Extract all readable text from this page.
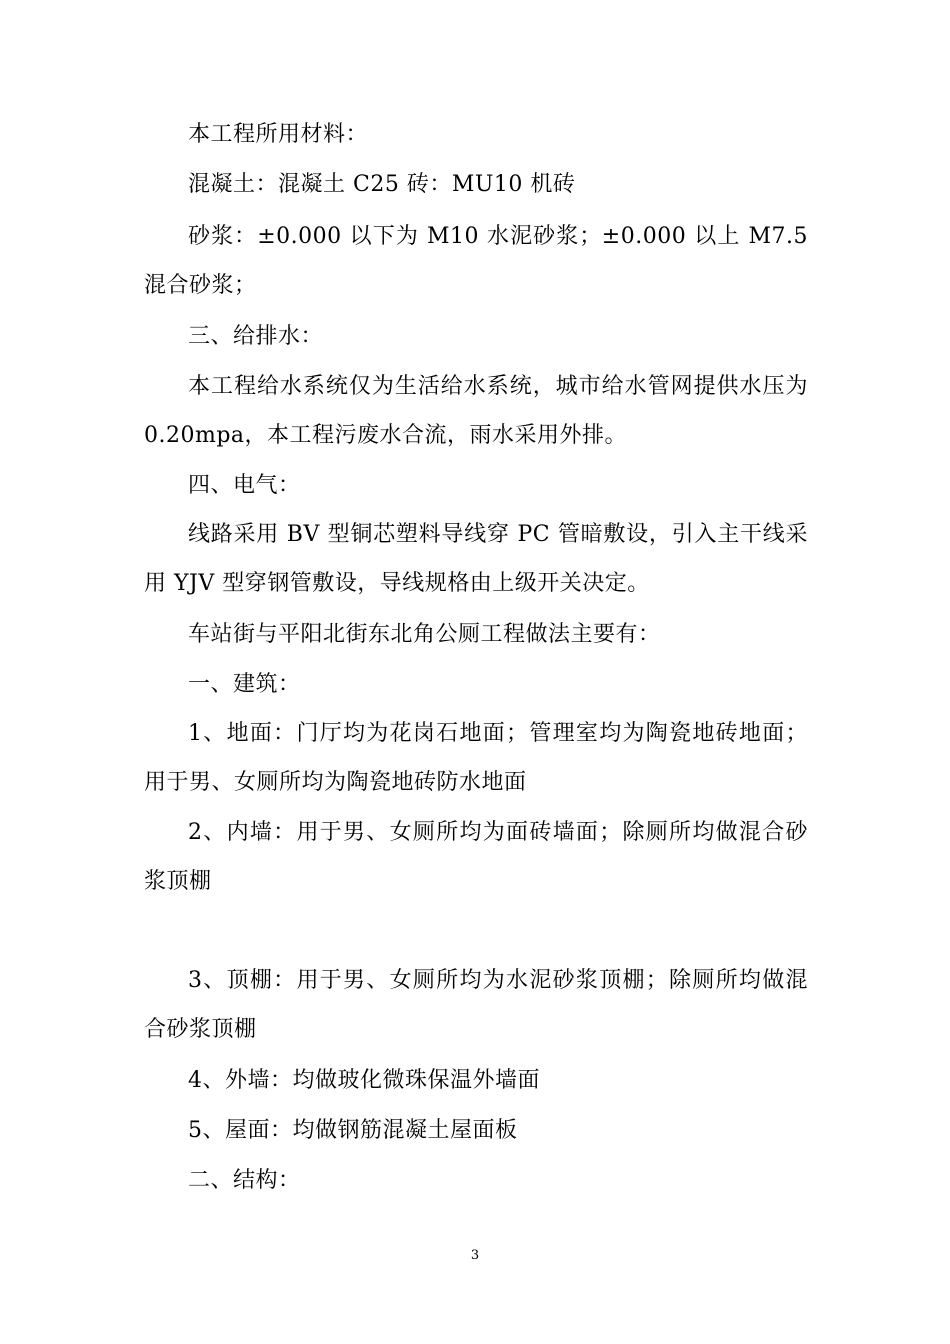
本工程所用材料：

混凝土：混凝土 C25 砖：MU10 机砖

砂浆：±0.000 以下为 M10 水泥砂浆；±0.000 以上 M7.5 混合砂浆；

三、给排水：

本工程给水系统仅为生活给水系统，城市给水管网提供水压为 0.20mpa，本工程污废水合流，雨水采用外排。

四、电气：

线路采用 BV 型铜芯塑料导线穿 PC 管暗敷设，引入主干线采用 YJV 型穿钢管敷设，导线规格由上级开关决定。

车站街与平阳北街东北角公厕工程做法主要有：

一、建筑：

1、地面：门厅均为花岗石地面；管理室均为陶瓷地砖地面；用于男、女厕所均为陶瓷地砖防水地面

2、内墙：用于男、女厕所均为面砖墙面；除厕所均做混合砂浆顶棚

3、顶棚：用于男、女厕所均为水泥砂浆顶棚；除厕所均做混合砂浆顶棚

4、外墙：均做玻化微珠保温外墙面

5、屋面：均做钢筋混凝土屋面板

二、结构：

3
